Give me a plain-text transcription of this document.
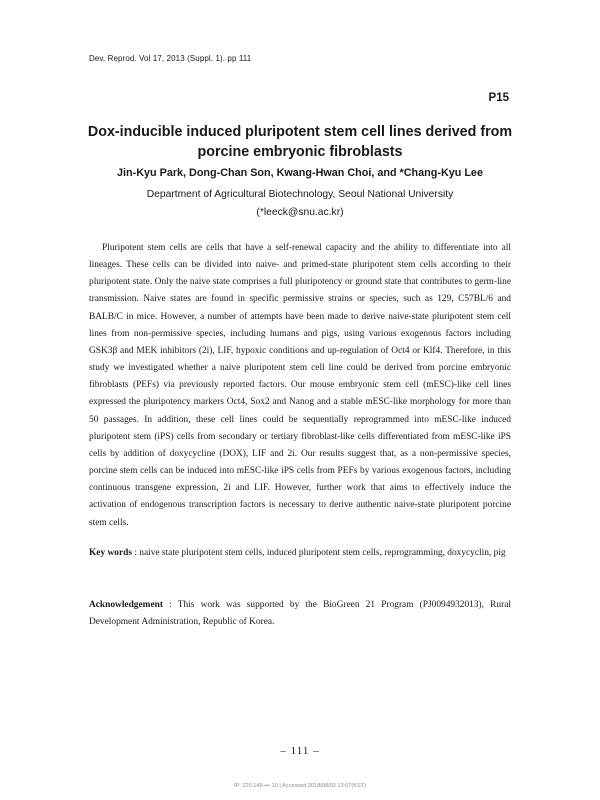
Dev. Reprod. Vol 17, 2013 (Suppl. 1). pp 111
P15
Dox-inducible induced pluripotent stem cell lines derived from
porcine embryonic fibroblasts
Jin-Kyu Park, Dong-Chan Son, Kwang-Hwan Choi, and *Chang-Kyu Lee
Department of Agricultural Biotechnology, Seoul National University
(*leeck@snu.ac.kr)

Pluripotent stem cells are cells that have a self-renewal capacity and the ability to differentiate into all lineages. These cells can be divided into naive- and primed-state pluripotent stem cells according to their pluripotent state. Only the naive state comprises a full pluripotency or ground state that contributes to germ-line transmission. Naive states are found in specific permissive strains or species, such as 129, C57BL/6 and BALB/C in mice. However, a number of attempts have been made to derive naive-state pluripotent stem cell lines from non-permissive species, including humans and pigs, using various exogenous factors including GSK3β and MEK inhibitors (2i), LIF, hypoxic conditions and up-regulation of Oct4 or Klf4. Therefore, in this study we investigated whether a naive pluripotent stem cell line could be derived from porcine embryonic fibroblasts (PEFs) via previously reported factors. Our mouse embryonic stem cell (mESC)-like cell lines expressed the pluripotency markers Oct4, Sox2 and Nanog and a stable mESC-like morphology for more than 50 passages. In addition, these cell lines could be sequentially reprogrammed into mESC-like induced pluripotent stem (iPS) cells from secondary or tertiary fibroblast-like cells differentiated from mESC-like iPS cells by addition of doxycycline (DOX), LIF and 2i. Our results suggest that, as a non-permissive species, porcine stem cells can be induced into mESC-like iPS cells from PEFs by various exogenous factors, including continuous transgene expression, 2i and LIF. However, further work that aims to effectively induce the activation of endogenous transcription factors is necessary to derive authentic naive-state pluripotent porcine stem cells.

Key words : naive state pluripotent stem cells, induced pluripotent stem cells, reprogramming, doxycyclin, pig

Acknowledgement : This work was supported by the BioGreen 21 Program (PJ0094932013), Rural Development Administration, Republic of Korea.

– 111 –
IP: 220.149.•••.10 | Accessed 2018/08/02 13:07(KST)
